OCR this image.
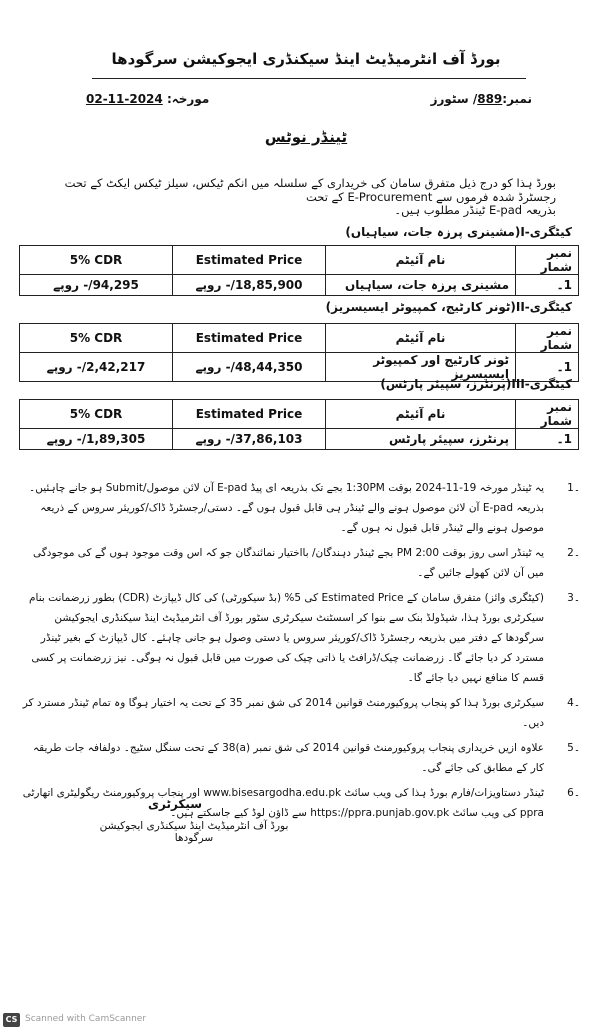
بورڈ آف انٹرمیڈیٹ اینڈ سیکنڈری ایجوکیشن سرگودھا
نمبر:889/ سٹورز
مورخہ: 02-11-2024
ٹینڈر نوٹس
بورڈ ہذا کو درج ذیل متفرق سامان کی خریداری کے سلسلہ میں انکم ٹیکس، سیلز ٹیکس ایکٹ کے تحت رجسٹرڈ شدہ فرموں سے E-Procurement کے تحت
بذریعہ E-pad ٹینڈر مطلوب ہیں۔
کیٹگری-I(مشینری پرزہ جات، سیاہیاں)
5% CDR	Estimated Price	نام آئیٹم	نمبر شمار
94,295/- روپے	18,85,900/- روپے	مشینری پرزہ جات، سیاہیاں	1۔
کیٹگری-II(ٹونر کارٹیج، کمپیوٹر ایسیسریز)
5% CDR	Estimated Price	نام آئیٹم	نمبر شمار
2,42,217/- روپے	48,44,350/- روپے	ٹونر کارٹیج اور کمپیوٹر ایسیسریز	1۔
کیٹگری-III(پرنٹرز، سپیئر پارٹس)
5% CDR	Estimated Price	نام آئیٹم	نمبر شمار
1,89,305/- روپے	37,86,103/- روپے	پرنٹرز، سپیئر پارٹس	1۔
1۔
یہ ٹینڈر مورخہ 19-11-2024 بوقت 1:30PM بجے تک بذریعہ ای پیڈ E-pad آن لائن موصول/Submit ہو جانے چاہئیں۔ بذریعہ E-pad آن لائن موصول ہونے والے ٹینڈر ہی قابل قبول ہوں گے۔ دستی/رجسٹرڈ ڈاک/کوریئر سروس کے ذریعہ موصول ہونے والے ٹینڈر قابل قبول نہ ہوں گے۔
2۔
یہ ٹینڈر اسی روز بوقت 2:00 PM بجے ٹینڈر دہندگان/ بااختیار نمائندگان جو کہ اس وقت موجود ہوں گے کی موجودگی میں آن لائن کھولے جائیں گے۔
3۔
(کیٹگری وائز) متفرق سامان کے Estimated Price کی 5% (بڈ سیکورٹی) کی کال ڈیپازٹ (CDR) بطور زرضمانت بنام سیکرٹری بورڈ ہذا، شیڈولڈ بنک سے بنوا کر اسسٹنٹ سیکرٹری سٹور بورڈ آف انٹرمیڈیٹ اینڈ سیکنڈری ایجوکیشن سرگودھا کے دفتر میں بذریعہ رجسٹرڈ ڈاک/کوریئر سروس یا دستی وصول ہو جانی چاہئے۔ کال ڈیپازٹ کے بغیر ٹینڈر مسترد کر دیا جائے گا۔ زرضمانت چیک/ڈرافٹ یا ذاتی چیک کی صورت میں قابل قبول نہ ہوگی۔ نیز زرضمانت پر کسی قسم کا منافع نہیں دیا جائے گا۔
4۔
سیکرٹری بورڈ ہذا کو پنجاب پروکیورمنٹ قوانین 2014 کی شق نمبر 35 کے تحت یہ اختیار ہوگا وہ تمام ٹینڈر مسترد کر دیں۔
5۔
علاوہ ازیں خریداری پنجاب پروکیورمنٹ قوانین 2014 کی شق نمبر (a)38 کے تحت سنگل سٹیج۔ دولفافہ جات طریقہ کار کے مطابق کی جائے گی۔
6۔
ٹینڈر دستاویزات/فارم بورڈ ہذا کی ویب سائٹ www.bisesargodha.edu.pk اور پنجاب پروکیورمنٹ ریگولیٹری اتھارٹی ppra کی ویب سائٹ https://ppra.punjab.gov.pk سے ڈاؤن لوڈ کیے جاسکتے ہیں۔
سیکرٹری
بورڈ آف انٹرمیڈیٹ اینڈ سیکنڈری ایجوکیشن سرگودھا
CS Scanned with CamScanner
